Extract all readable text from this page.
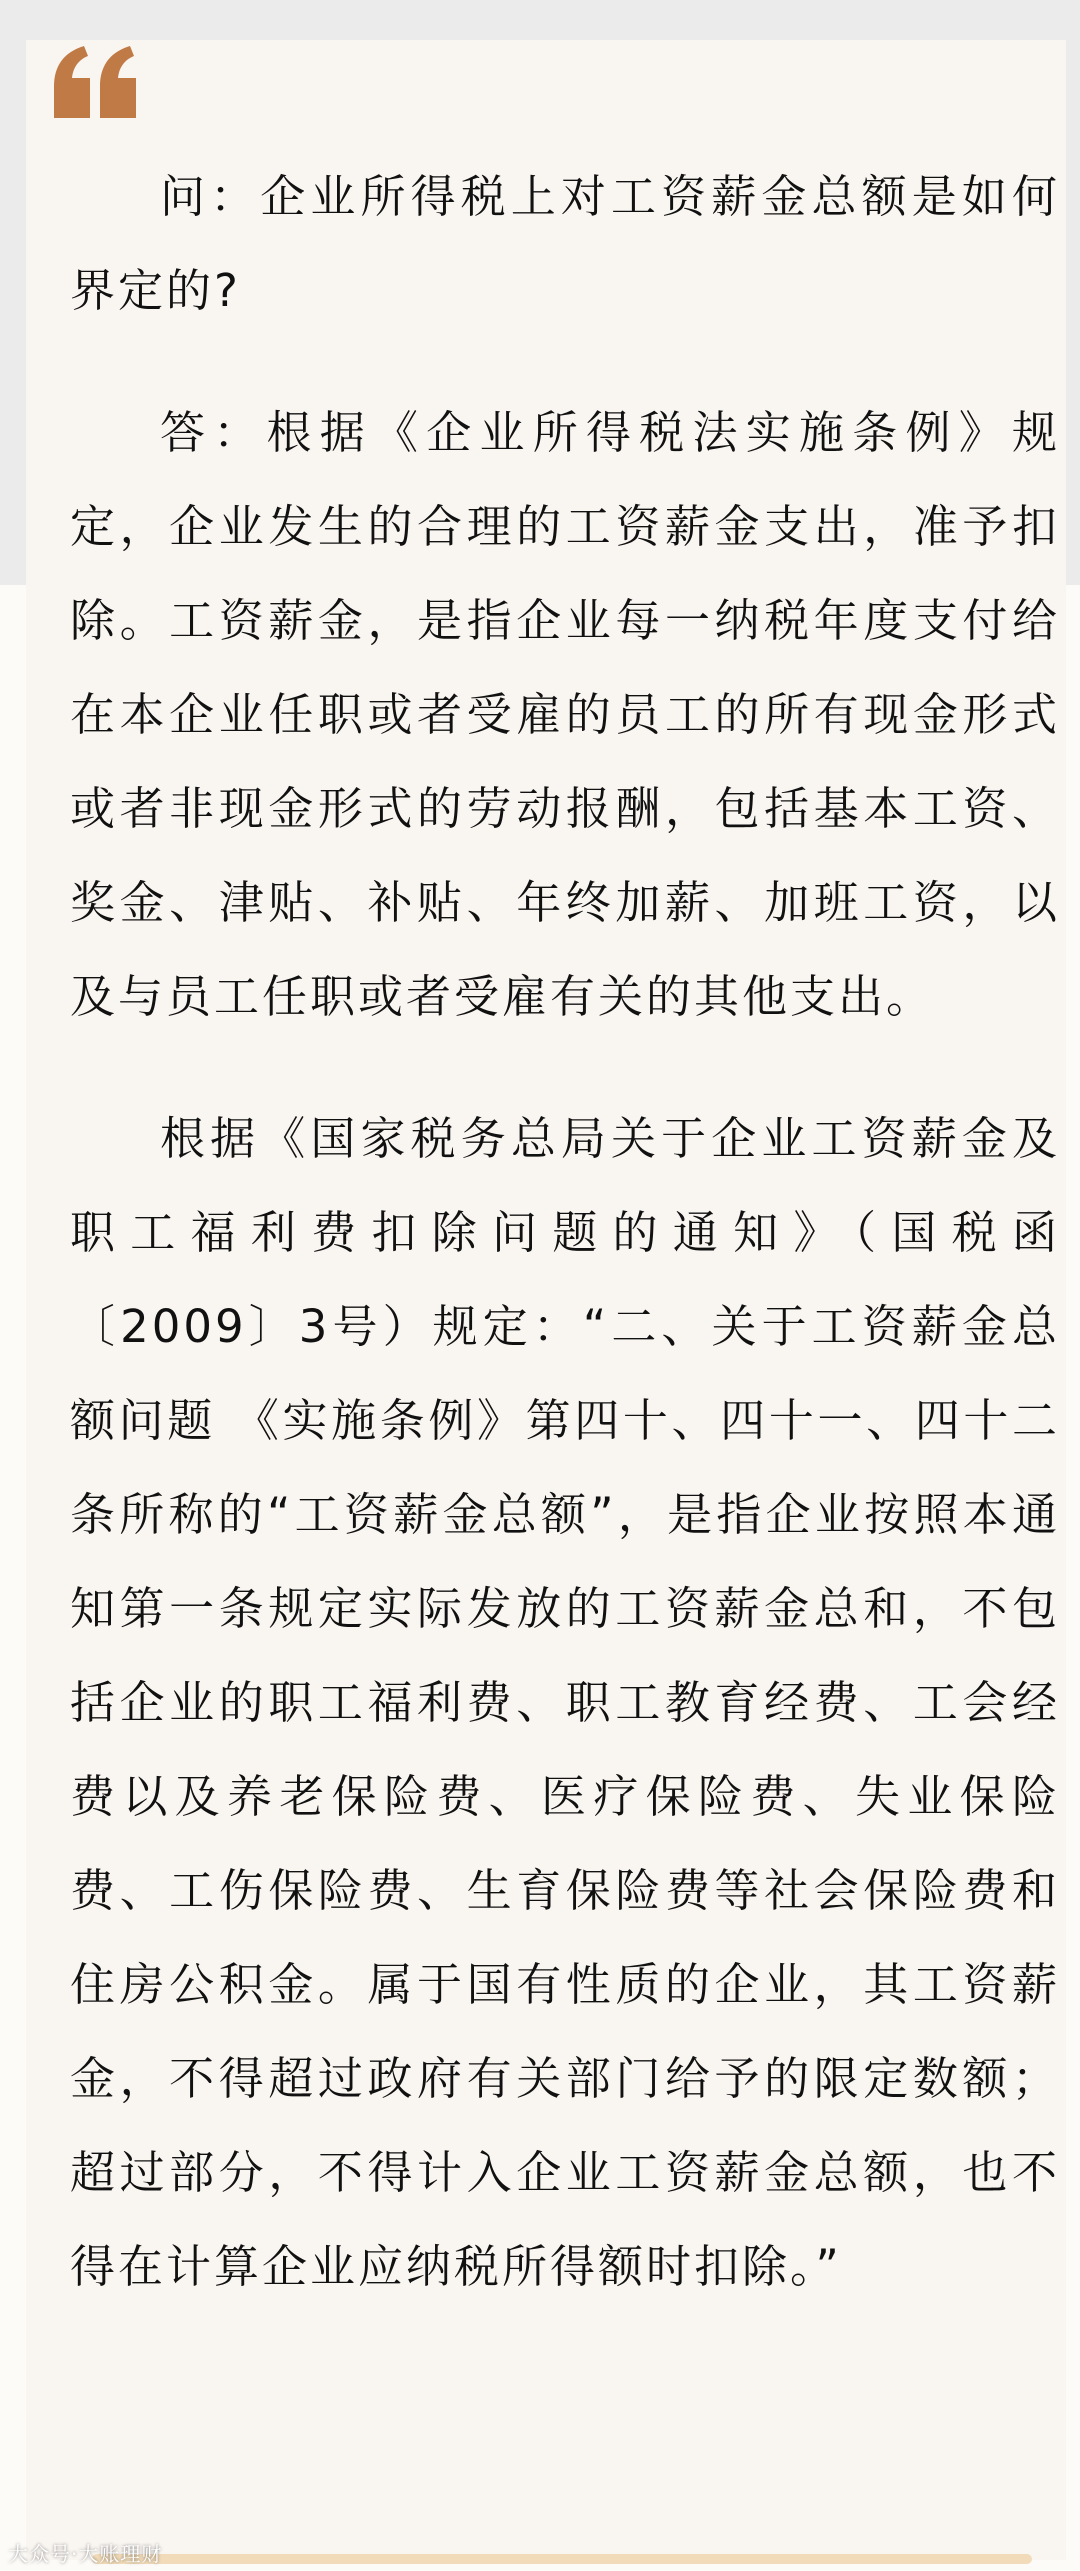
问：企业所得税上对工资薪金总额是如何界定的?

答：根据《企业所得税法实施条例》规定，企业发生的合理的工资薪金支出，准予扣除。工资薪金，是指企业每一纳税年度支付给在本企业任职或者受雇的员工的所有现金形式或者非现金形式的劳动报酬，包括基本工资、奖金、津贴、补贴、年终加薪、加班工资，以及与员工任职或者受雇有关的其他支出。

根据《国家税务总局关于企业工资薪金及职工福利费扣除问题的通知》（国税函〔2009〕3号）规定：“二、关于工资薪金总额问题 《实施条例》第四十、四十一、四十二条所称的“工资薪金总额”，是指企业按照本通知第一条规定实际发放的工资薪金总和，不包括企业的职工福利费、职工教育经费、工会经费以及养老保险费、医疗保险费、失业保险费、工伤保险费、生育保险费等社会保险费和住房公积金。属于国有性质的企业，其工资薪金，不得超过政府有关部门给予的限定数额；超过部分，不得计入企业工资薪金总额，也不得在计算企业应纳税所得额时扣除。”

大众号·大账理财
